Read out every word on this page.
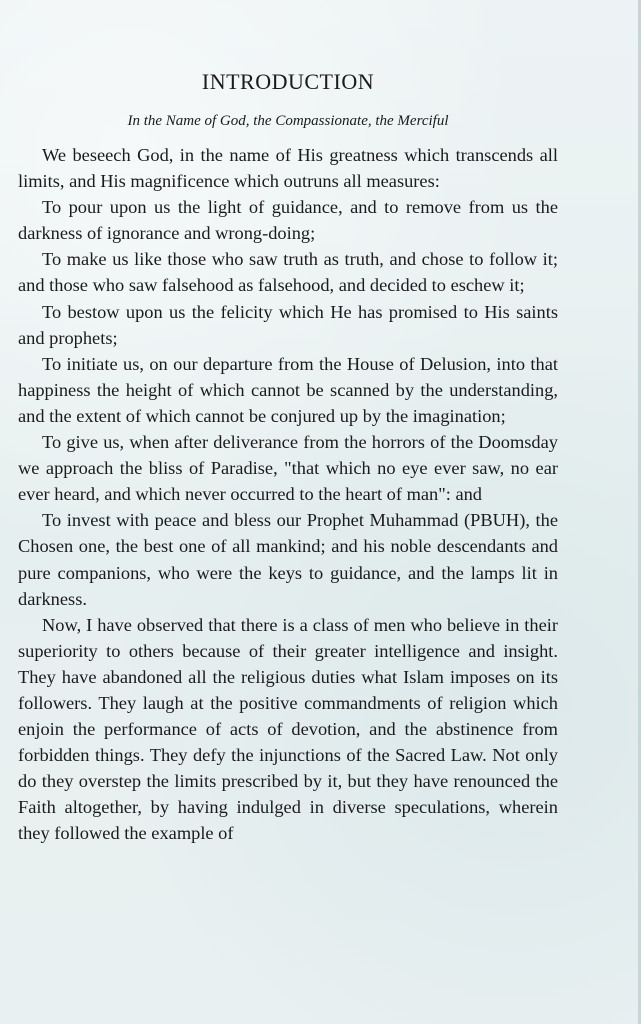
INTRODUCTION

In the Name of God, the Compassionate, the Merciful

We beseech God, in the name of His greatness which transcends all limits, and His magnificence which outruns all measures:

To pour upon us the light of guidance, and to remove from us the darkness of ignorance and wrong-doing;

To make us like those who saw truth as truth, and chose to follow it; and those who saw falsehood as falsehood, and decided to eschew it;

To bestow upon us the felicity which He has promised to His saints and prophets;

To initiate us, on our departure from the House of Delusion, into that happiness the height of which cannot be scanned by the understanding, and the extent of which cannot be conjured up by the imagination;

To give us, when after deliverance from the horrors of the Doomsday we approach the bliss of Paradise, "that which no eye ever saw, no ear ever heard, and which never occurred to the heart of man": and

To invest with peace and bless our Prophet Muhammad (PBUH), the Chosen one, the best one of all mankind; and his noble descendants and pure companions, who were the keys to guidance, and the lamps lit in darkness.

Now, I have observed that there is a class of men who believe in their superiority to others because of their greater intelligence and insight. They have abandoned all the religious duties what Islam imposes on its followers. They laugh at the positive commandments of religion which enjoin the performance of acts of devotion, and the abstinence from forbidden things. They defy the injunctions of the Sacred Law. Not only do they overstep the limits prescribed by it, but they have renounced the Faith altogether, by having indulged in diverse speculations, wherein they followed the example of
